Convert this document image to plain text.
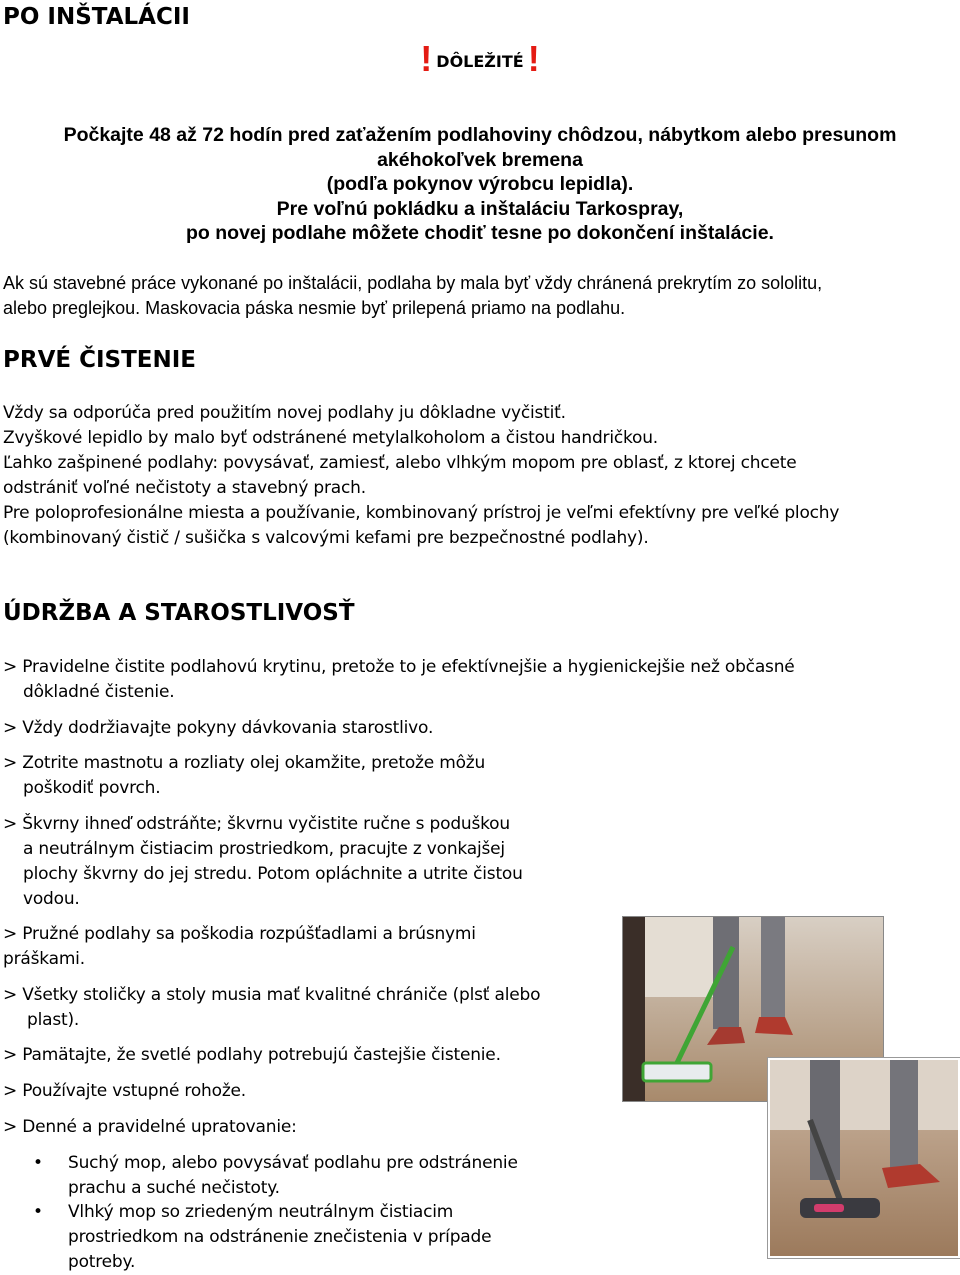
PO INŠTALÁCII
! DÔLEŽITÉ !
Počkajte 48 až 72 hodín pred zaťažením podlahoviny chôdzou, nábytkom alebo presunom
akéhokoľvek bremena
(podľa pokynov výrobcu lepidla).
Pre voľnú pokládku a inštaláciu Tarkospray,
po novej podlahe môžete chodiť tesne po dokončení inštalácie.
Ak sú stavebné práce vykonané po inštalácii, podlaha by mala byť vždy chránená prekrytím zo sololitu,
alebo preglejkou. Maskovacia páska nesmie byť prilepená priamo na podlahu.
PRVÉ ČISTENIE
Vždy sa odporúča pred použitím novej podlahy ju dôkladne vyčistiť.
Zvyškové lepidlo by malo byť odstránené metylalkoholom a čistou handričkou.
Ľahko zašpinené podlahy: povysávať, zamiesť, alebo vlhkým mopom pre oblasť, z ktorej chcete
odstrániť voľné nečistoty a stavebný prach.
Pre poloprofesionálne miesta a používanie, kombinovaný prístroj je veľmi efektívny pre veľké plochy
(kombinovaný čistič / sušička s valcovými kefami pre bezpečnostné podlahy).
ÚDRŽBA A STAROSTLIVOSŤ
> Pravidelne čistite podlahovú krytinu, pretože to je efektívnejšie a hygienickejšie než občasné
dôkladné čistenie.
> Vždy dodržiavajte pokyny dávkovania starostlivo.
> Zotrite mastnotu a rozliaty olej okamžite, pretože môžu
poškodiť povrch.
> Škvrny ihneď odstráňte; škvrnu vyčistite ručne s poduškou
a neutrálnym čistiacim prostriedkom, pracujte z vonkajšej
plochy škvrny do jej stredu. Potom opláchnite a utrite čistou
vodou.
> Pružné podlahy sa poškodia rozpúšťadlami a brúsnymi
práškami.
> Všetky stoličky a stoly musia mať kvalitné chrániče (plsť alebo
plast).
> Pamätajte, že svetlé podlahy potrebujú častejšie čistenie.
> Používajte vstupné rohože.
> Denné a pravidelné upratovanie:
• Suchý mop, alebo povysávať podlahu pre odstránenie
prachu a suché nečistoty.
• Vlhký mop so zriedeným neutrálnym čistiacim
prostriedkom na odstránenie znečistenia v prípade
potreby.
